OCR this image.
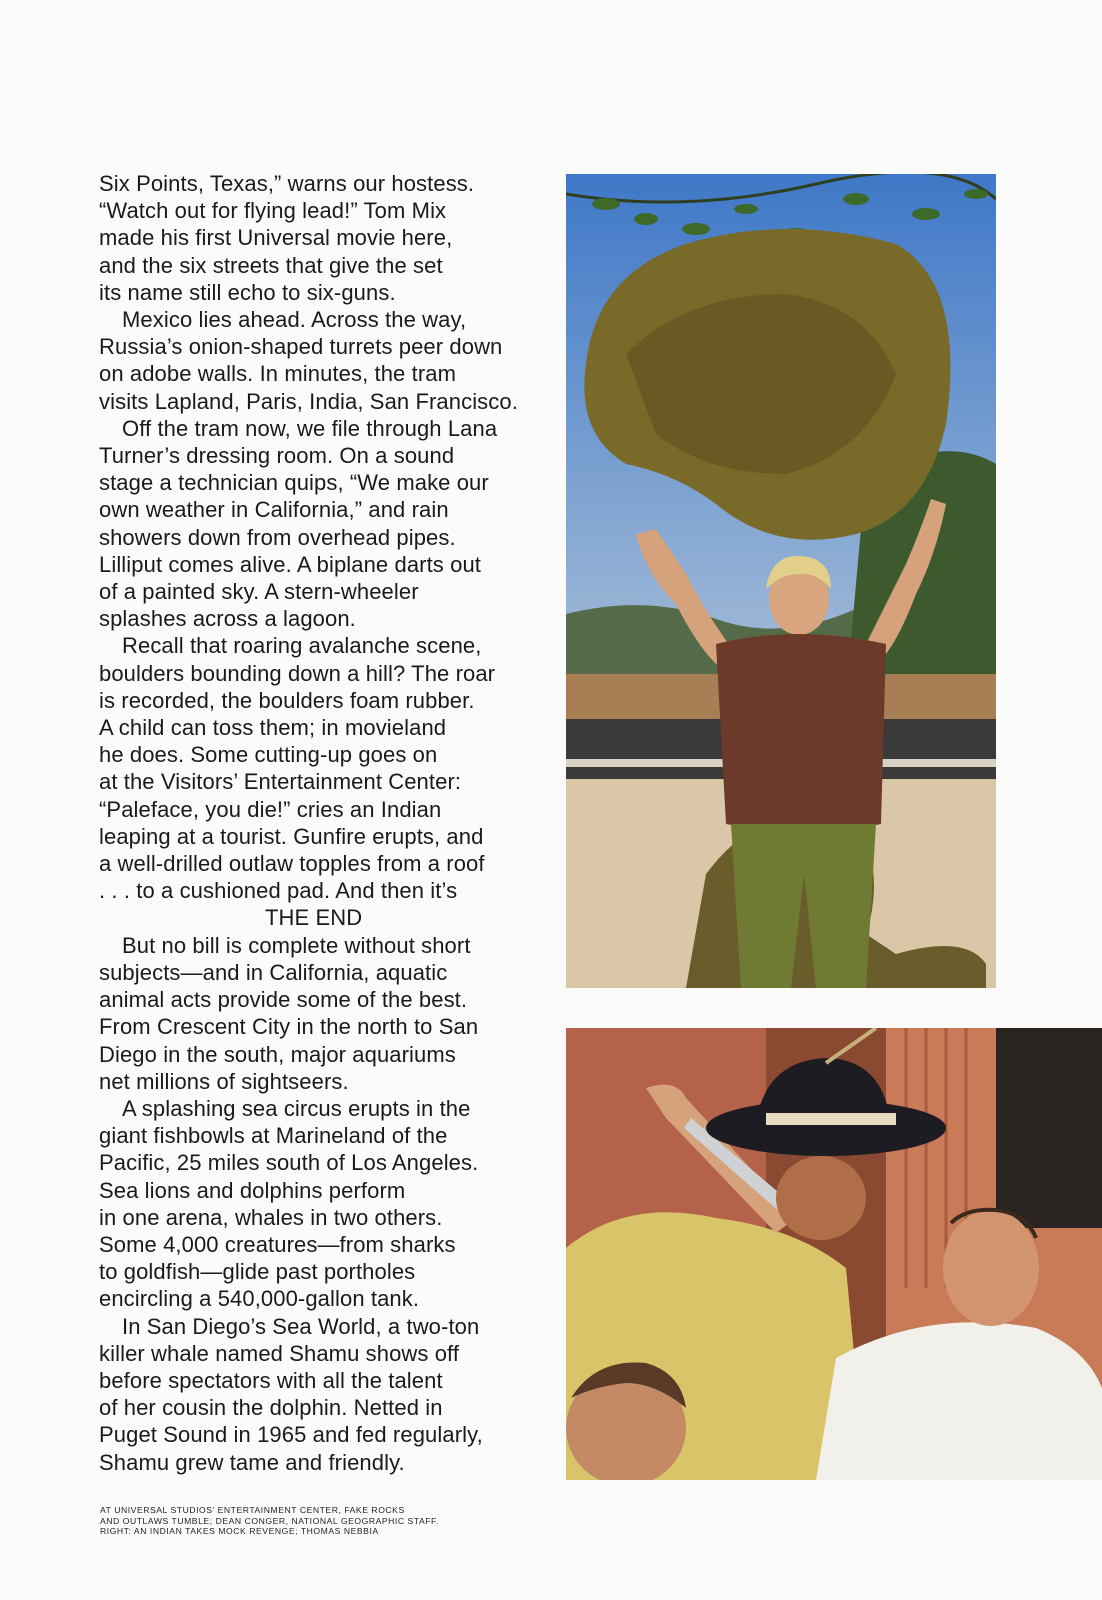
Six Points, Texas,” warns our hostess.
“Watch out for flying lead!” Tom Mix
made his first Universal movie here,
and the six streets that give the set
its name still echo to six-guns.
Mexico lies ahead. Across the way,
Russia’s onion-shaped turrets peer down
on adobe walls. In minutes, the tram
visits Lapland, Paris, India, San Francisco.
Off the tram now, we file through Lana
Turner’s dressing room. On a sound
stage a technician quips, “We make our
own weather in California,” and rain
showers down from overhead pipes.
Lilliput comes alive. A biplane darts out
of a painted sky. A stern-wheeler
splashes across a lagoon.
Recall that roaring avalanche scene,
boulders bounding down a hill? The roar
is recorded, the boulders foam rubber.
A child can toss them; in movieland
he does. Some cutting-up goes on
at the Visitors’ Entertainment Center:
“Paleface, you die!” cries an Indian
leaping at a tourist. Gunfire erupts, and
a well-drilled outlaw topples from a roof
. . . to a cushioned pad. And then it’s
THE END
But no bill is complete without short
subjects—and in California, aquatic
animal acts provide some of the best.
From Crescent City in the north to San
Diego in the south, major aquariums
net millions of sightseers.
A splashing sea circus erupts in the
giant fishbowls at Marineland of the
Pacific, 25 miles south of Los Angeles.
Sea lions and dolphins perform
in one arena, whales in two others.
Some 4,000 creatures—from sharks
to goldfish—glide past portholes
encircling a 540,000-gallon tank.
In San Diego’s Sea World, a two-ton
killer whale named Shamu shows off
before spectators with all the talent
of her cousin the dolphin. Netted in
Puget Sound in 1965 and fed regularly,
Shamu grew tame and friendly.
AT UNIVERSAL STUDIOS’ ENTERTAINMENT CENTER, FAKE ROCKS
AND OUTLAWS TUMBLE; DEAN CONGER, NATIONAL GEOGRAPHIC STAFF.
RIGHT: AN INDIAN TAKES MOCK REVENGE; THOMAS NEBBIA
